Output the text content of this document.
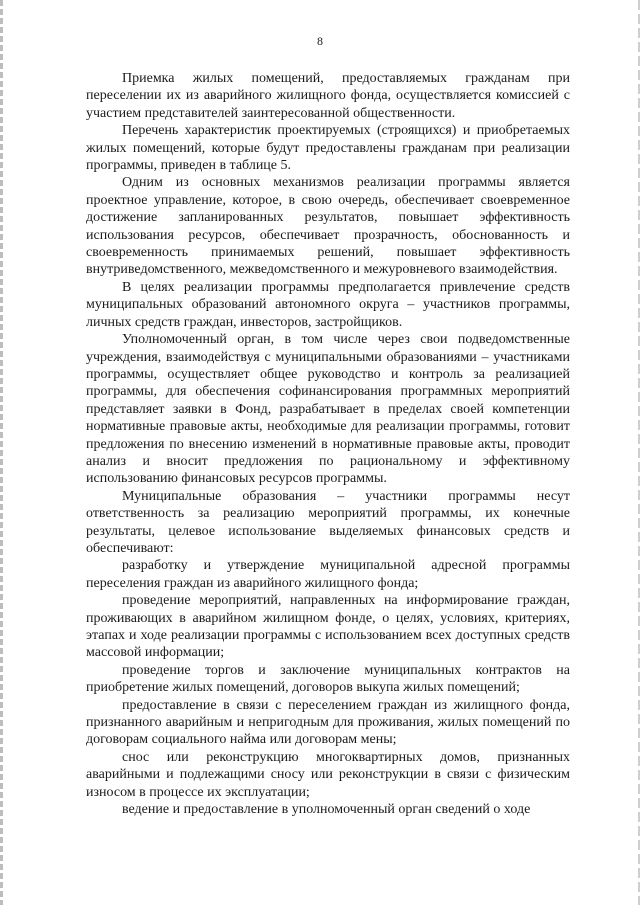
8

Приемка жилых помещений, предоставляемых гражданам при переселении их из аварийного жилищного фонда, осуществляется комиссией с участием представителей заинтересованной общественности.

Перечень характеристик проектируемых (строящихся) и приобретаемых жилых помещений, которые будут предоставлены гражданам при реализации программы, приведен в таблице 5.

Одним из основных механизмов реализации программы является проектное управление, которое, в свою очередь, обеспечивает своевременное достижение запланированных результатов, повышает эффективность использования ресурсов, обеспечивает прозрачность, обоснованность и своевременность принимаемых решений, повышает эффективность внутриведомственного, межведомственного и межуровневого взаимодействия.

В целях реализации программы предполагается привлечение средств муниципальных образований автономного округа – участников программы, личных средств граждан, инвесторов, застройщиков.

Уполномоченный орган, в том числе через свои подведомственные учреждения, взаимодействуя с муниципальными образованиями – участниками программы, осуществляет общее руководство и контроль за реализацией программы, для обеспечения софинансирования программных мероприятий представляет заявки в Фонд, разрабатывает в пределах своей компетенции нормативные правовые акты, необходимые для реализации программы, готовит предложения по внесению изменений в нормативные правовые акты, проводит анализ и вносит предложения по рациональному и эффективному использованию финансовых ресурсов программы.

Муниципальные образования – участники программы несут ответственность за реализацию мероприятий программы, их конечные результаты, целевое использование выделяемых финансовых средств и обеспечивают:

разработку и утверждение муниципальной адресной программы переселения граждан из аварийного жилищного фонда;

проведение мероприятий, направленных на информирование граждан, проживающих в аварийном жилищном фонде, о целях, условиях, критериях, этапах и ходе реализации программы с использованием всех доступных средств массовой информации;

проведение торгов и заключение муниципальных контрактов на приобретение жилых помещений, договоров выкупа жилых помещений;

предоставление в связи с переселением граждан из жилищного фонда, признанного аварийным и непригодным для проживания, жилых помещений по договорам социального найма или договорам мены;

снос или реконструкцию многоквартирных домов, признанных аварийными и подлежащими сносу или реконструкции в связи с физическим износом в процессе их эксплуатации;

ведение и предоставление в уполномоченный орган сведений о ходе
